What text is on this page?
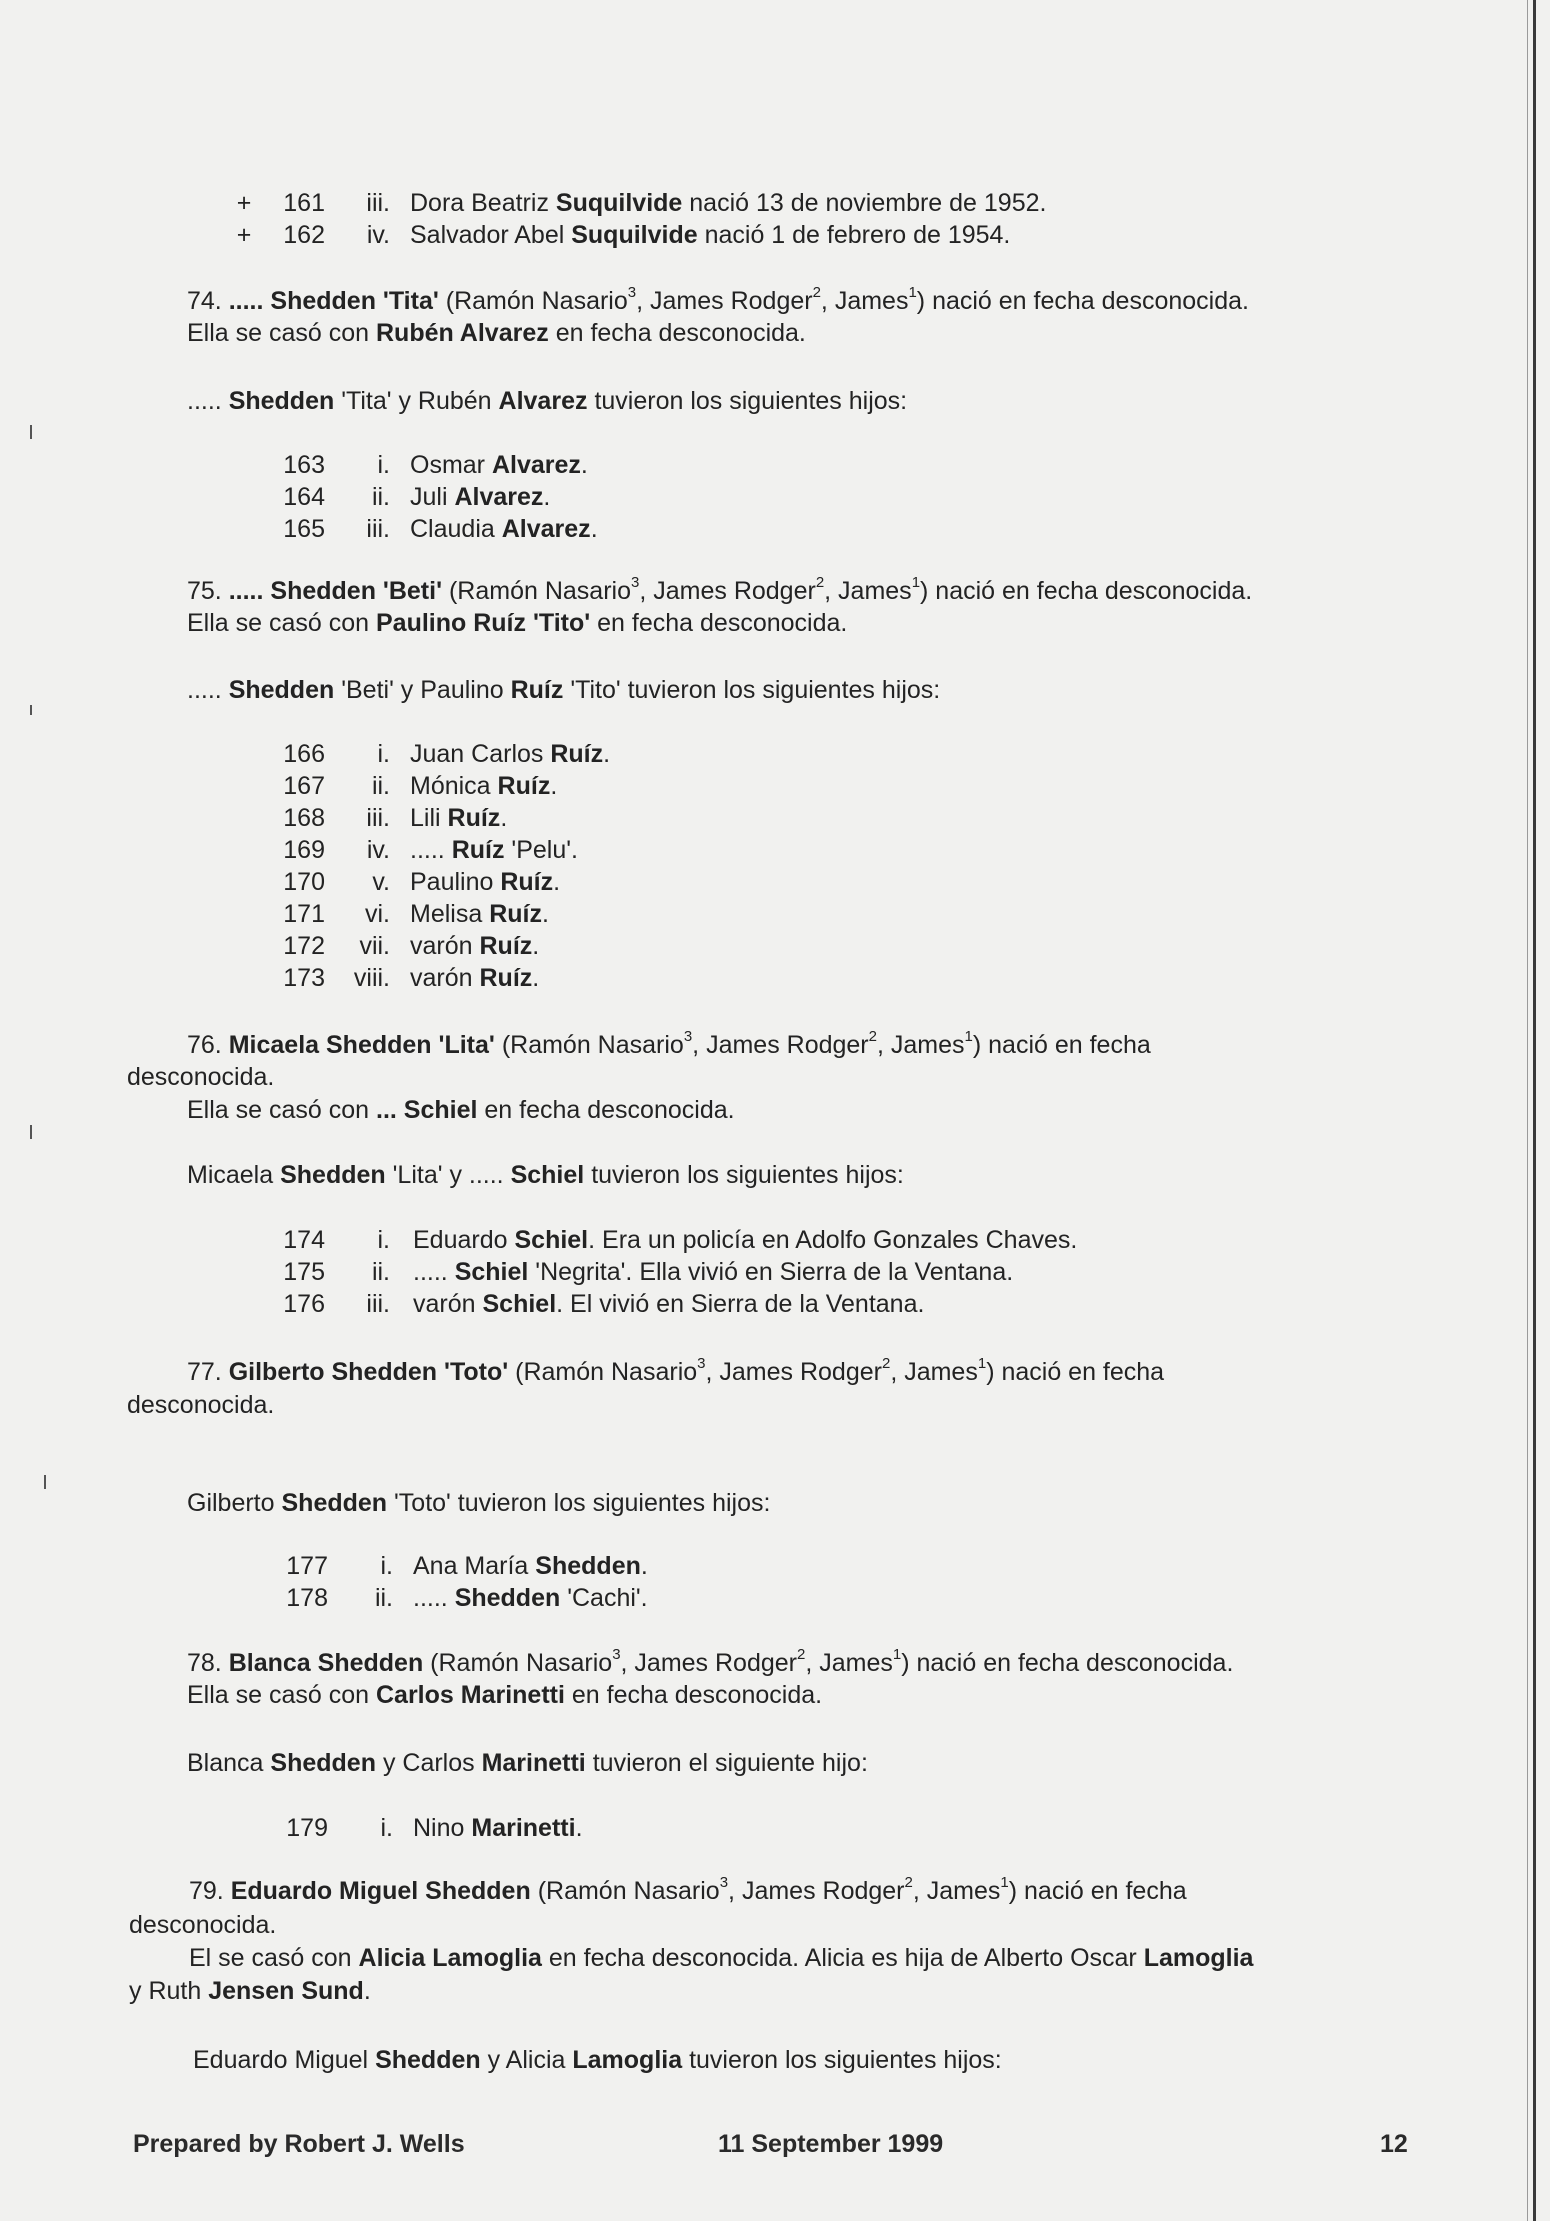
+	161	iii. Dora Beatriz Suquilvide nació 13 de noviembre de 1952.
+	162	iv. Salvador Abel Suquilvide nació 1 de febrero de 1954.
74. ..... Shedden 'Tita' (Ramón Nasario$^3$, James Rodger$^2$, James$^1$) nació en fecha desconocida.
Ella se casó con Rubén Alvarez en fecha desconocida.
..... Shedden 'Tita' y Rubén Alvarez tuvieron los siguientes hijos:
163	i. Osmar Alvarez.
164	ii. Juli Alvarez.
165	iii. Claudia Alvarez.
75. ..... Shedden 'Beti' (Ramón Nasario$^3$, James Rodger$^2$, James$^1$) nació en fecha desconocida.
Ella se casó con Paulino Ruíz 'Tito' en fecha desconocida.
..... Shedden 'Beti' y Paulino Ruíz 'Tito' tuvieron los siguientes hijos:
166	i. Juan Carlos Ruíz.
167	ii. Mónica Ruíz.
168	iii. Lili Ruíz.
169	iv. ..... Ruíz 'Pelu'.
170	v. Paulino Ruíz.
171	vi. Melisa Ruíz.
172	vii. varón Ruíz.
173	viii. varón Ruíz.
76. Micaela Shedden 'Lita' (Ramón Nasario$^3$, James Rodger$^2$, James$^1$) nació en fecha
desconocida.
Ella se casó con ... Schiel en fecha desconocida.
Micaela Shedden 'Lita' y ..... Schiel tuvieron los siguientes hijos:
174	i. Eduardo Schiel. Era un policía en Adolfo Gonzales Chaves.
175	ii. ..... Schiel 'Negrita'. Ella vivió en Sierra de la Ventana.
176	iii. varón Schiel. El vivió en Sierra de la Ventana.
77. Gilberto Shedden 'Toto' (Ramón Nasario$^3$, James Rodger$^2$, James$^1$) nació en fecha
desconocida.
Gilberto Shedden 'Toto' tuvieron los siguientes hijos:
177	i. Ana María Shedden.
178	ii. ..... Shedden 'Cachi'.
78. Blanca Shedden (Ramón Nasario$^3$, James Rodger$^2$, James$^1$) nació en fecha desconocida.
Ella se casó con Carlos Marinetti en fecha desconocida.
Blanca Shedden y Carlos Marinetti tuvieron el siguiente hijo:
179	i. Nino Marinetti.
79. Eduardo Miguel Shedden (Ramón Nasario$^3$, James Rodger$^2$, James$^1$) nació en fecha
desconocida.
El se casó con Alicia Lamoglia en fecha desconocida. Alicia es hija de Alberto Oscar Lamoglia
y Ruth Jensen Sund.
Eduardo Miguel Shedden y Alicia Lamoglia tuvieron los siguientes hijos:
Prepared by Robert J. Wells	11 September 1999	12
